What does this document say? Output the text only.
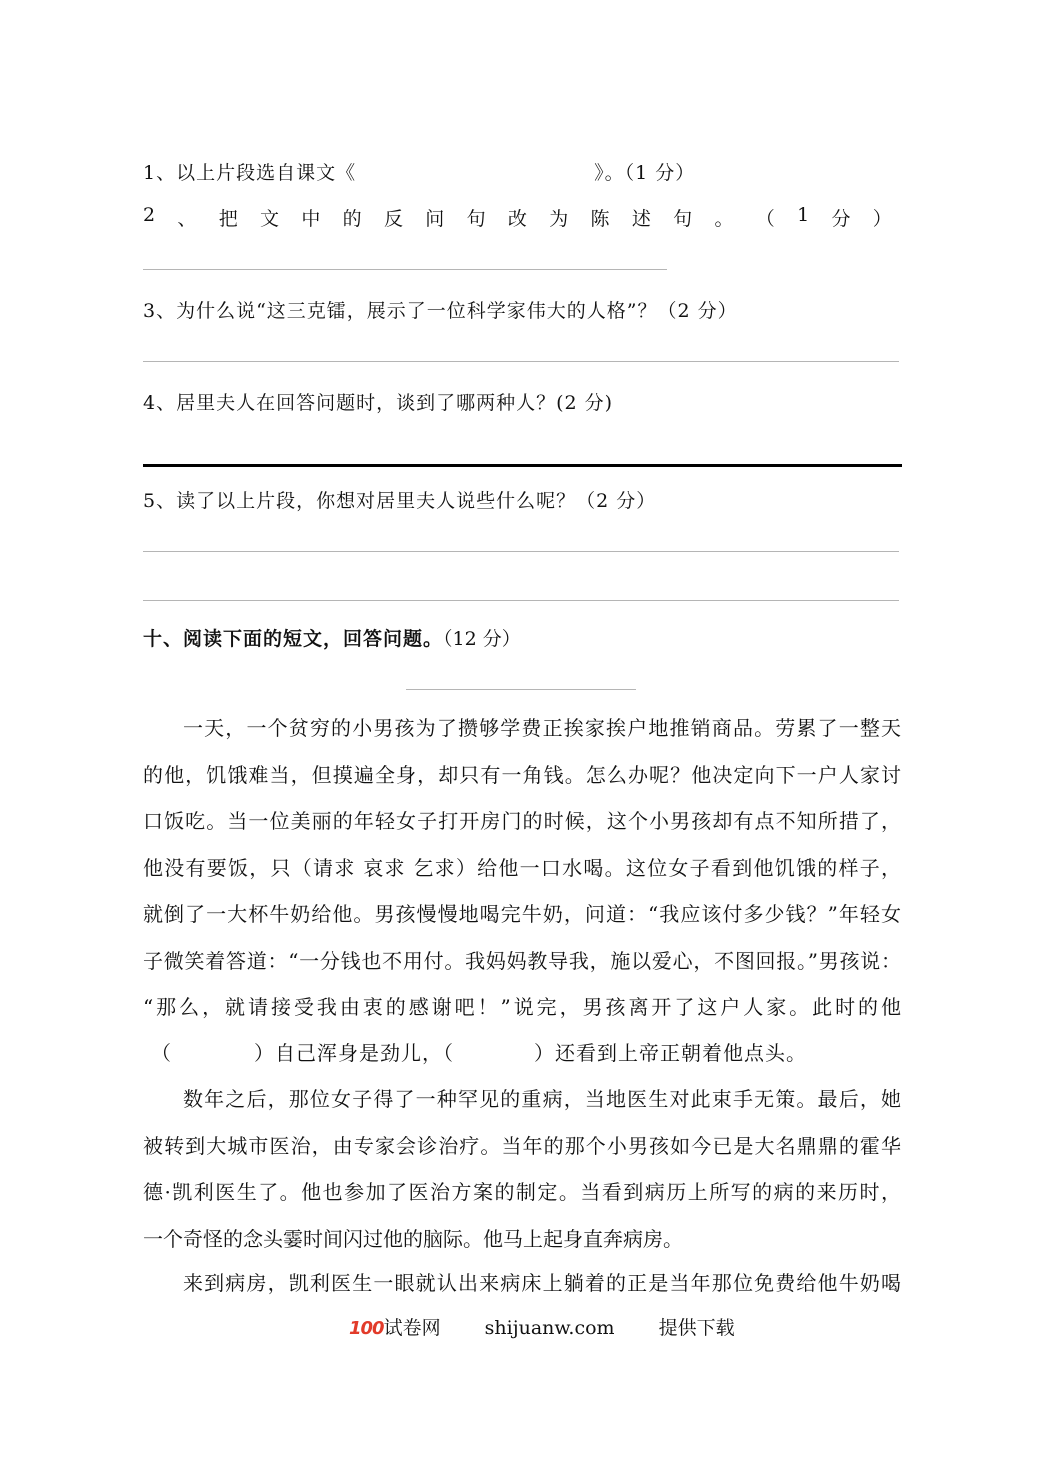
1、以上片段选自课文《	》。（1 分）
2 、 把 文 中 的 反 问 句 改 为 陈 述 句 。 （ 1 分 ）
3、为什么说“这三克镭，展示了一位科学家伟大的人格”？（2 分）
4、居里夫人在回答问题时，谈到了哪两种人？(2 分)
5、读了以上片段，你想对居里夫人说些什么呢？（2 分）
十、阅读下面的短文，回答问题。（12 分）
一天，一个贫穷的小男孩为了攒够学费正挨家挨户地推销商品。劳累了一整天
的他，饥饿难当，但摸遍全身，却只有一角钱。怎么办呢？他决定向下一户人家讨
口饭吃。当一位美丽的年轻女子打开房门的时候，这个小男孩却有点不知所措了，
他没有要饭，只（请求 哀求 乞求）给他一口水喝。这位女子看到他饥饿的样子，
就倒了一大杯牛奶给他。男孩慢慢地喝完牛奶，问道：“我应该付多少钱？”年轻女
子微笑着答道：“一分钱也不用付。我妈妈教导我，施以爱心，不图回报。”男孩说：
“那么，就请接受我由衷的感谢吧！”说完，男孩离开了这户人家。此时的他
（	）自己浑身是劲儿，（	）还看到上帝正朝着他点头。
数年之后，那位女子得了一种罕见的重病，当地医生对此束手无策。最后，她
被转到大城市医治，由专家会诊治疗。当年的那个小男孩如今已是大名鼎鼎的霍华
德·凯利医生了。他也参加了医治方案的制定。当看到病历上所写的病的来历时，
一个奇怪的念头霎时间闪过他的脑际。他马上起身直奔病房。
来到病房，凯利医生一眼就认出来病床上躺着的正是当年那位免费给他牛奶喝
100试卷网 shijuanw.com 提供下载
